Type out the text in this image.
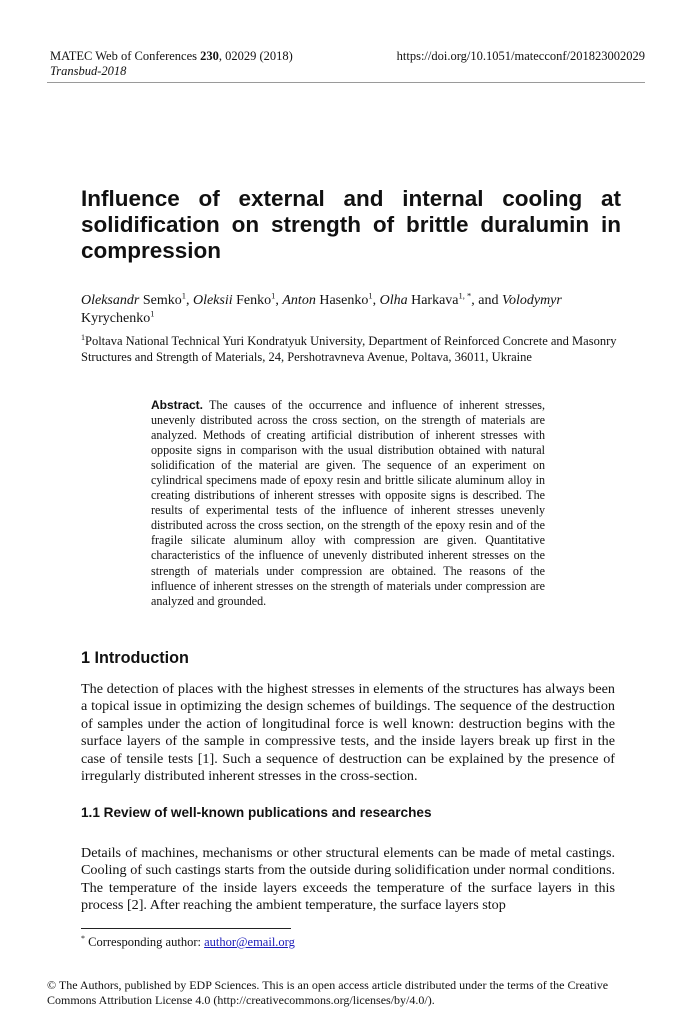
MATEC Web of Conferences 230, 02029 (2018)
Transbud-2018
https://doi.org/10.1051/matecconf/201823002029
Influence of external and internal cooling at solidification on strength of brittle duralumin in compression
Oleksandr Semko$^1$, Oleksii Fenko$^1$, Anton Hasenko$^1$, Olha Harkava$^{1, *}$, and Volodymyr Kyrychenko$^1$
$^1$Poltava National Technical Yuri Kondratyuk University, Department of Reinforced Concrete and Masonry Structures and Strength of Materials, 24, Pershotravneva Avenue, Poltava, 36011, Ukraine
Abstract. The causes of the occurrence and influence of inherent stresses, unevenly distributed across the cross section, on the strength of materials are analyzed. Methods of creating artificial distribution of inherent stresses with opposite signs in comparison with the usual distribution obtained with natural solidification of the material are given. The sequence of an experiment on cylindrical specimens made of epoxy resin and brittle silicate aluminum alloy in creating distributions of inherent stresses with opposite signs is described. The results of experimental tests of the influence of inherent stresses unevenly distributed across the cross section, on the strength of the epoxy resin and of the fragile silicate aluminum alloy with compression are given. Quantitative characteristics of the influence of unevenly distributed inherent stresses on the strength of materials under compression are obtained. The reasons of the influence of inherent stresses on the strength of materials under compression are analyzed and grounded.
1 Introduction

The detection of places with the highest stresses in elements of the structures has always been a topical issue in optimizing the design schemes of buildings. The sequence of the destruction of samples under the action of longitudinal force is well known: destruction begins with the surface layers of the sample in compressive tests, and the inside layers break up first in the case of tensile tests [1]. Such a sequence of destruction can be explained by the presence of irregularly distributed inherent stresses in the cross-section.

1.1 Review of well-known publications and researches

Details of machines, mechanisms or other structural elements can be made of metal castings. Cooling of such castings starts from the outside during solidification under normal conditions. The temperature of the inside layers exceeds the temperature of the surface layers in this process [2]. After reaching the ambient temperature, the surface layers stop

* Corresponding author: author@email.org
© The Authors, published by EDP Sciences. This is an open access article distributed under the terms of the Creative Commons Attribution License 4.0 (http://creativecommons.org/licenses/by/4.0/).
